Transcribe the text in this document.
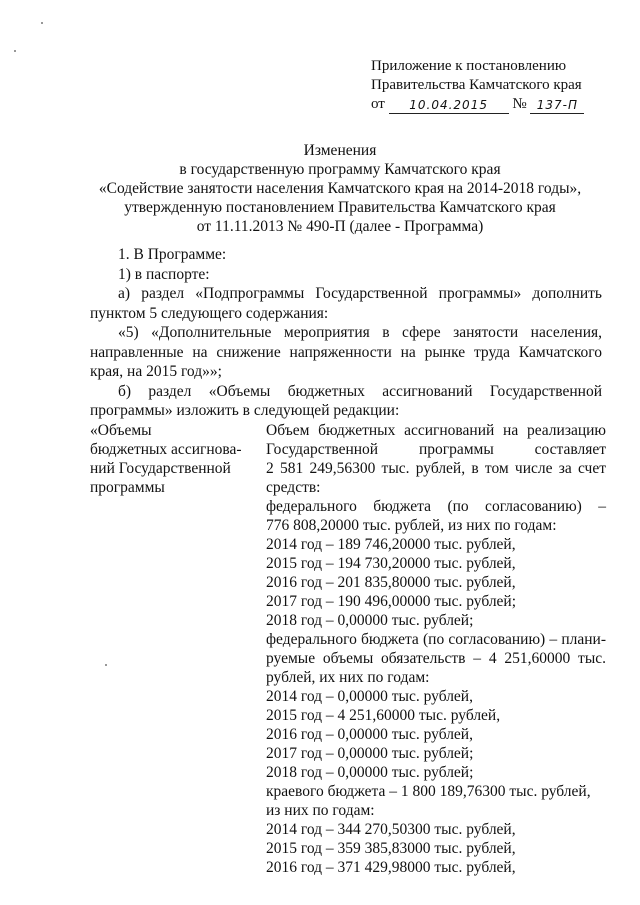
Приложение к постановлению
Правительства Камчатского края
от 10.04.2015 № 137-П
Изменения
в государственную программу Камчатского края
«Содействие занятости населения Камчатского края на 2014-2018 годы»,
утвержденную постановлением Правительства Камчатского края
от 11.11.2013 № 490-П (далее - Программа)

1. В Программе:

1) в паспорте:

а) раздел «Подпрограммы Государственной программы» дополнить пунктом 5 следующего содержания:

«5) «Дополнительные мероприятия в сфере занятости населения, направленные на снижение напряженности на рынке труда Камчатского края, на 2015 год»»;

б) раздел «Объемы бюджетных ассигнований Государственной программы» изложить в следующей редакции:

«Объемы
бюджетных ассигнова-
ний Государственной
программы
Объем бюджетных ассигнований на реализацию
Государственной программы составляет
2 581 249,56300 тыс. рублей, в том числе за счет
средств:
федерального бюджета (по согласованию) –
776 808,20000 тыс. рублей, из них по годам:
2014 год – 189 746,20000 тыс. рублей,
2015 год – 194 730,20000 тыс. рублей,
2016 год – 201 835,80000 тыс. рублей,
2017 год – 190 496,00000 тыс. рублей;
2018 год – 0,00000 тыс. рублей;
федерального бюджета (по согласованию) – плани-
руемые объемы обязательств – 4 251,60000 тыс.
рублей, их них по годам:
2014 год – 0,00000 тыс. рублей,
2015 год – 4 251,60000 тыс. рублей,
2016 год – 0,00000 тыс. рублей,
2017 год – 0,00000 тыс. рублей;
2018 год – 0,00000 тыс. рублей;
краевого бюджета – 1 800 189,76300 тыс. рублей,
из них по годам:
2014 год – 344 270,50300 тыс. рублей,
2015 год – 359 385,83000 тыс. рублей,
2016 год – 371 429,98000 тыс. рублей,
